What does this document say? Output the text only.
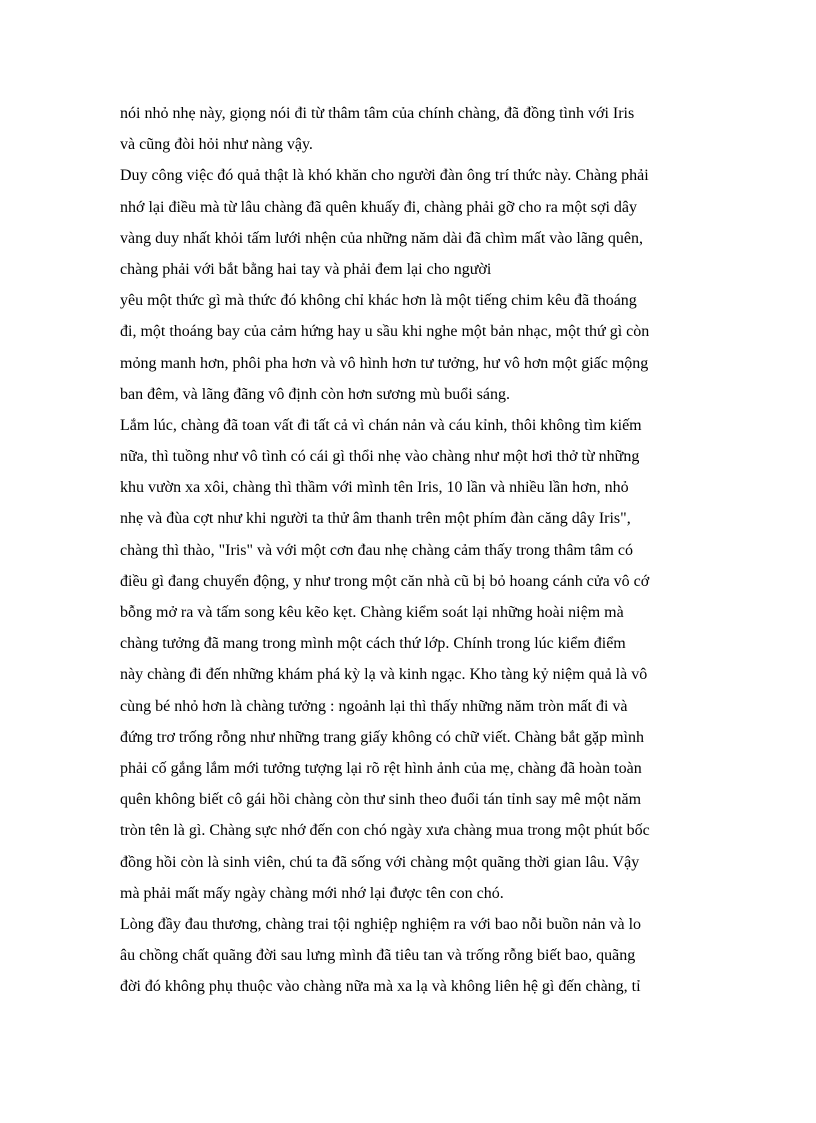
nói nhỏ nhẹ này, giọng nói đi từ thâm tâm của chính chàng, đã đồng tình với Iris
và cũng đòi hỏi như nàng vậy.
Duy công việc đó quả thật là khó khăn cho người đàn ông trí thức này. Chàng phải
nhớ lại điều mà từ lâu chàng đã quên khuấy đi, chàng phải gỡ cho ra một sợi dây
vàng duy nhất khỏi tấm lưới nhện của những năm dài đã chìm mất vào lãng quên,
chàng phải với bắt bằng hai tay và phải đem lại cho người
yêu một thức gì mà thức đó không chỉ khác hơn là một tiếng chim kêu đã thoáng
đi, một thoáng bay của cảm hứng hay u sầu khi nghe một bản nhạc, một thứ gì còn
mỏng manh hơn, phôi pha hơn và vô hình hơn tư tưởng, hư vô hơn một giấc mộng
ban đêm, và lãng đãng vô định còn hơn sương mù buổi sáng.
Lắm lúc, chàng đã toan vất đi tất cả vì chán nản và cáu kỉnh, thôi không tìm kiếm
nữa, thì tuồng như vô tình có cái gì thổi nhẹ vào chàng như một hơi thở từ những
khu vườn xa xôi, chàng thì thầm với mình tên Iris, 10 lần và nhiều lần hơn, nhỏ
nhẹ và đùa cợt như khi người ta thử âm thanh trên một phím đàn căng dây Iris",
chàng thì thào, "Iris" và với một cơn đau nhẹ chàng cảm thấy trong thâm tâm có
điều gì đang chuyển động, y như trong một căn nhà cũ bị bỏ hoang cánh cửa vô cớ
bỗng mở ra và tấm song kêu kẽo kẹt. Chàng kiểm soát lại những hoài niệm mà
chàng tưởng đã mang trong mình một cách thứ lớp. Chính trong lúc kiểm điểm
này chàng đi đến những khám phá kỳ lạ và kinh ngạc. Kho tàng kỷ niệm quả là vô
cùng bé nhỏ hơn là chàng tưởng : ngoảnh lại thì thấy những năm tròn mất đi và
đứng trơ trống rỗng như những trang giấy không có chữ viết. Chàng bắt gặp mình
phải cố gắng lắm mới tưởng tượng lại rõ rệt hình ảnh của mẹ, chàng đã hoàn toàn
quên không biết cô gái hồi chàng còn thư sinh theo đuổi tán tỉnh say mê một năm
tròn tên là gì. Chàng sực nhớ đến con chó ngày xưa chàng mua trong một phút bốc
đồng hồi còn là sinh viên, chú ta đã sống với chàng một quãng thời gian lâu. Vậy
mà phải mất mấy ngày chàng mới nhớ lại được tên con chó.
Lòng đầy đau thương, chàng trai tội nghiệp nghiệm ra với bao nỗi buồn nản và lo
âu chồng chất quãng đời sau lưng mình đã tiêu tan và trống rỗng biết bao, quãng
đời đó không phụ thuộc vào chàng nữa mà xa lạ và không liên hệ gì đến chàng, tỉ
